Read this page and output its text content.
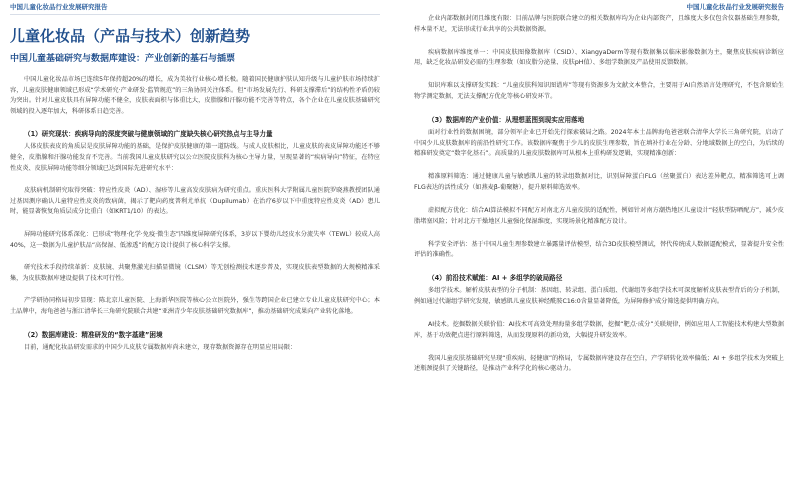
中国儿童化妆品行业发展研究报告
儿童化妆品（产品与技术）创新趋势
中国儿童基础研究与数据库建设：产业创新的基石与插票

中国儿童化妆品市场已连续5年保持超20%的增长，成为美妆行业核心增长极。随着国民健康护肤认知升级与儿童护肤市场持续扩容，儿童皮肤健康领域已形成“学术研究·产业研发·监管规范”的三角协同关注体系。但“市场发展先行、科研支撑滞后”的结构性矛盾仍较为突出。针对儿童皮肤具有屏障功能不健全，皮肤表面积与体重比大，皮脂腺和汗腺功能不完善等特点，各个企业在儿童皮肤基础研究领域的投入逐年加大，科研体系日趋完善。

（1）研究现状：疾病导向的深度突破与健康领域的广度缺失核心研究热点与主导力量

人体皮肤表皮的角质层是皮肤屏障功能的基础，是保护皮肤健康的第一道防线。与成人皮肤相比，儿童皮肤的表皮屏障功能还不够健全，皮脂腺和汗腺功能发育不完善。当前我国儿童皮肤研究以公立医院皮肤科为核心主导力量，呈现显著的“疾病导向”特征，在特应性皮炎、皮肤屏障功能等细分领域已达到国际先进研究水平：

皮肤病机制研究取得突破：特应性皮炎（AD）、湿疹等儿童高发皮肤病为研究重点。重庆医科大学附属儿童医院罗晓燕教授团队通过基因测序确认儿童特应性皮炎的致病菌，揭示了靶向药度普利尤单抗（Dupilumab）在治疗6岁以下中重度特应性皮炎（AD）患儿时，能显著恢复角质层成分比重白（如KRT1/10）的表达。

屏障功能研究体系深化：已形成“物理·化学·免疫·微生态”四维度屏障研究体系，3岁以下婴幼儿经皮水分流失率（TEWL）较成人高40%，这一数据为儿童护肤品“高保湿、低渗透”的配方设计提供了核心科学支撑。

研究技术手段持续革新：皮肤镜、共聚焦激光扫描显微镜（CLSM）等无创检测技术逐步普及，实现皮肤表型数据的大规模精准采集，为皮肤数据库建设提供了技术可行性。

产学研协同格局初步显现：陈北京儿童医院、上海新华医院等核心公立医院外，强生等跨国企业已建立专业儿童皮肤研究中心；本土品牌中，海龟爸爸与浙江清华长三角研究院联合共建“亚洲青少年皮肤基础研究数据库”，推动基础研究成果向产业转化落地。

（2）数据库建设：精准研发的“数字基建”困境

目前，通配化妆品研发需求的中国少儿皮肤专属数据库尚未建立，现存数据资源存在明显应用局限：

中国儿童化妆品行业发展研究报告

企业内部数据封闭且维度有限：目前品牌与医院联合建立的相关数据库均为企业内部资产，且维度大多仅包含仪器基础生理参数，样本量不足，无法形成行业共享的公共数据资源。

疾病数据库维度单一：中国皮肤图像数据库（CSID）、XiangyaDerm等现有数据集以临床影像数据为主，聚焦皮肤疾病诊断应用，缺乏化妆品研发必需的生理参数（如皮脂分泌量、皮肤pH值）、多组学数据及产品使用反馈数据。

知识库难以支撑研发实践：“儿童皮肤科知识图谱库”等现有资源多为文献文本整合，主要用于AI自然语言处理研究，不包含原始生物学测定数据，无法支撑配方优化等核心研发环节。

（3）数据库的产业价值：从理想蓝图到现实应用落地

面对行业性的数据困境，部分领军企业已开始先行探索破局之路。2024年本土品牌海龟爸爸联合清华大学长三角研究院，启动了中国少儿皮肤数据库的前沿性研究工作。该数据库聚焦于少儿的皮肤生理参数，旨在填补行业在分龄、分地域数据上的空白，为后续的精准研发奠定“数字化基石”。高质量的儿童皮肤数据库可从根本上重构研发逻辑，实现精准创新：

精准原料筛选：通过健康儿童与敏感肌儿童的转录组数据对比，识别屏障蛋白FLG（丝聚蛋白）表达差异靶点，精准筛选可上调FLG表达的活性成分（如燕麦β-葡聚糖），提升原料筛选效率。

虚拟配方优化：结合AI算法模拟不同配方对南北方儿童皮肤的适配性，例如针对南方潮热地区儿童设计“轻肤型防晒配方”，减少皮脂堵塞风险；针对北方干燥地区儿童强化保湿维度，实现场景化精准配方设计。

科学安全评估：基于中国儿童生理参数建立暴露量评估模型，结合3D皮肤模型测试，替代传统成人数据逼配模式，显著提升安全性评估的准确性。

（4）前沿技术赋能：AI + 多组学的破局路径

多组学技术。解析皮肤表型的分子机制：基因组、转录组、蛋白质组、代谢组等多组学技术可深度解析皮肤表型背后的分子机制，例如通过代谢组学研究发现，敏感肌儿童皮肤神经酰胺C16:0含量显著降低，为屏障修护成分筛选提供明确方向。

AI技术。挖掘数据关联价值：AI技术可高效处理海量多组学数据，挖掘“靶点·成分”关联规律，例如应用人工智能技术构建大型数据库，基于功效靶点进行原料筛选，从而发现原料的新功效，大幅提升研发效率。

我国儿童皮肤基础研究呈现“重疾病、轻健康”的格局，专属数据库建设存在空白，产学研转化效率偏低；AI + 多组学技术为突破上述瓶颈提供了关键路径，是推动产业科学化的核心驱动力。
